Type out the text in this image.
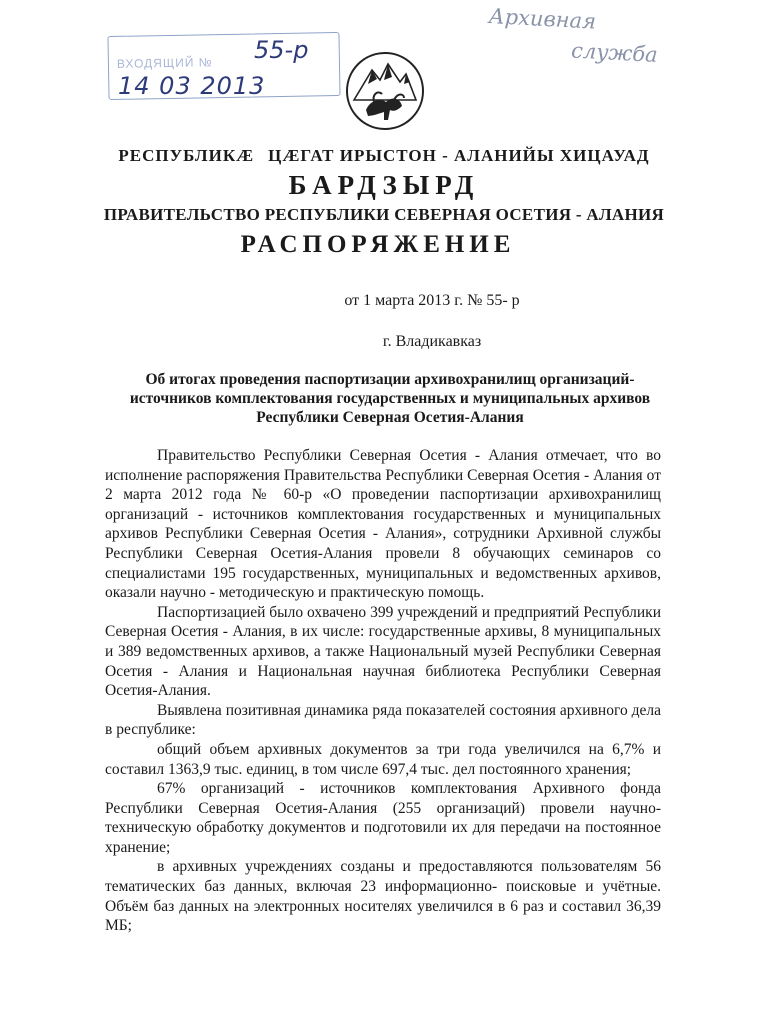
ВХОДЯЩИЙ № 55-р
14 03 2013
Архивная
служба
РЕСПУБЛИКӔ ЦӔГАТ ИРЫСТОН - АЛАНИЙЫ ХИЦАУАД
БАРДЗЫРД
ПРАВИТЕЛЬСТВО РЕСПУБЛИКИ СЕВЕРНАЯ ОСЕТИЯ - АЛАНИЯ
РАСПОРЯЖЕНИЕ
от 1 марта 2013 г. № 55- р
г. Владикавказ
Об итогах проведения паспортизации архивохранилищ организаций-
источников комплектования государственных и муниципальных архивов
Республики Северная Осетия-Алания

Правительство Республики Северная Осетия - Алания отмечает, что во исполнение распоряжения Правительства Республики Северная Осетия - Алания от 2 марта 2012 года № 60-р «О проведении паспортизации архивохранилищ организаций - источников комплектования государственных и муниципальных архивов Республики Северная Осетия - Алания», сотрудники Архивной службы Республики Северная Осетия-Алания провели 8 обучающих семинаров со специалистами 195 государственных, муниципальных и ведомственных архивов, оказали научно - методическую и практическую помощь.

Паспортизацией было охвачено 399 учреждений и предприятий Республики Северная Осетия - Алания, в их числе: государственные архивы, 8 муниципальных и 389 ведомственных архивов, а также Национальный музей Республики Северная Осетия - Алания и Национальная научная библиотека Республики Северная Осетия-Алания.

Выявлена позитивная динамика ряда показателей состояния архивного дела в республике:

общий объем архивных документов за три года увеличился на 6,7% и составил 1363,9 тыс. единиц, в том числе 697,4 тыс. дел постоянного хранения;

67% организаций - источников комплектования Архивного фонда Республики Северная Осетия-Алания (255 организаций) провели научно-техническую обработку документов и подготовили их для передачи на постоянное хранение;

в архивных учреждениях созданы и предоставляются пользователям 56 тематических баз данных, включая 23 информационно- поисковые и учётные. Объём баз данных на электронных носителях увеличился в 6 раз и составил 36,39 МБ;
